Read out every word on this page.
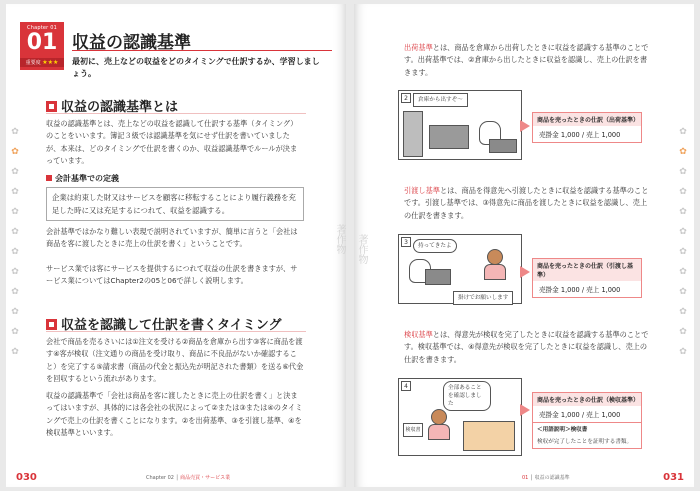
Chapter 01
01
重要度 ★★★
収益の認識基準
最初に、売上などの収益をどのタイミングで仕訳するか、学習しましょう。
収益の認識基準とは
収益の認識基準とは、売上などの収益を認識して仕訳する基準（タイミング）のことをいいます。簿記３級では認識基準を気にせず仕訳を書いていましたが、本来は、どのタイミングで仕訳を書くのか、収益認識基準でルールが決まっています。
会計基準での定義
企業は約束した財又はサービスを顧客に移転することにより履行義務を充足した時に又は充足するにつれて、収益を認識する。
会計基準ではかなり難しい表現で説明されていますが、簡単に言うと「会社は商品を客に渡したときに売上の仕訳を書く」ということです。
サービス業では客にサービスを提供するにつれて収益の仕訳を書きますが、サービス業についてはChapter2の05と06で詳しく説明します。
収益を認識して仕訳を書くタイミング
会社で商品を売るさいには①注文を受ける②商品を倉庫から出す③客に商品を渡す④客が検収（注文通りの商品を受け取り、商品に不良品がないか確認すること）を完了する⑤請求書（商品の代金と振込先が明記された書類）を送る⑥代金を回収するという流れがあります。
収益の認識基準で「会社は商品を客に渡したときに売上の仕訳を書く」と決まってはいますが、具体的には各会社の状況によって②または③または④のタイミングで売上の仕訳を書くことになります。②を出荷基準、③を引渡し基準、④を検収基準といいます。
✿
✿
✿
✿
✿
✿
✿
✿
✿
✿
✿
✿
著作物
030	Chapter 02 │ 商品売買・サービス業
著作物
出荷基準とは、商品を倉庫から出荷したときに収益を認識する基準のことです。出荷基準では、②倉庫から出したときに収益を認識し、売上の仕訳を書きます。
2	倉庫から出すぞ〜
商品を売ったときの仕訳（出荷基準）
売掛金 1,000 / 売上 1,000
引渡し基準とは、商品を得意先へ引渡したときに収益を認識する基準のことです。引渡し基準では、③得意先に商品を渡したときに収益を認識し、売上の仕訳を書きます。
3	持ってきたよ
掛けでお願いします
商品を売ったときの仕訳（引渡し基準）
売掛金 1,000 / 売上 1,000
検収基準とは、得意先が検収を完了したときに収益を認識する基準のことです。検収基準では、④得意先が検収を完了したときに収益を認識し、売上の仕訳を書きます。
4	全部あることを確認しました
検収書
商品を売ったときの仕訳（検収基準）
売掛金 1,000 / 売上 1,000
＜用語説明＞検収書
検収が完了したことを証明する書類。
✿
✿
✿
✿
✿
✿
✿
✿
✿
✿
✿
✿
01 │ 収益の認識基準	031
